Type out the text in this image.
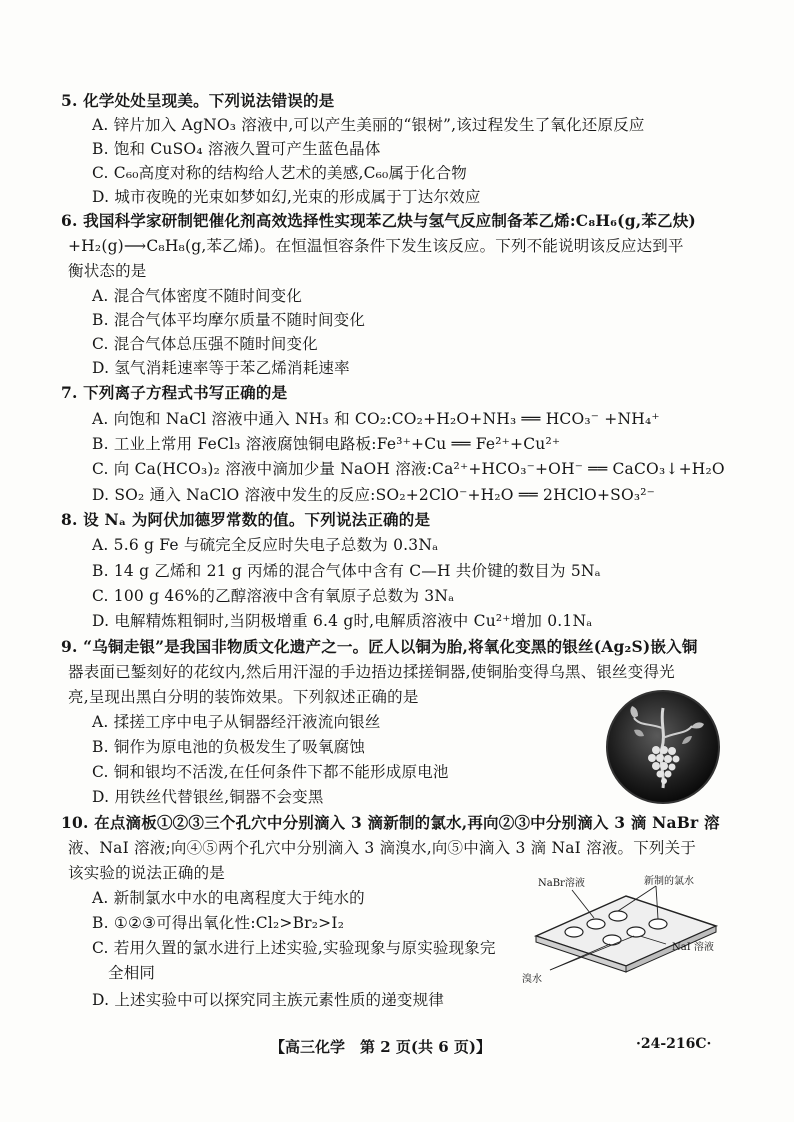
5. 化学处处呈现美。下列说法错误的是
A. 锌片加入 AgNO₃ 溶液中,可以产生美丽的“银树”,该过程发生了氧化还原反应
B. 饱和 CuSO₄ 溶液久置可产生蓝色晶体
C. C₆₀高度对称的结构给人艺术的美感,C₆₀属于化合物
D. 城市夜晚的光束如梦如幻,光束的形成属于丁达尔效应
6. 我国科学家研制钯催化剂高效选择性实现苯乙炔与氢气反应制备苯乙烯:C₈H₆(g,苯乙炔)
+H₂(g)⟶C₈H₈(g,苯乙烯)。在恒温恒容条件下发生该反应。下列不能说明该反应达到平
衡状态的是
A. 混合气体密度不随时间变化
B. 混合气体平均摩尔质量不随时间变化
C. 混合气体总压强不随时间变化
D. 氢气消耗速率等于苯乙烯消耗速率
7. 下列离子方程式书写正确的是
A. 向饱和 NaCl 溶液中通入 NH₃ 和 CO₂:CO₂+H₂O+NH₃ ══ HCO₃⁻ +NH₄⁺
B. 工业上常用 FeCl₃ 溶液腐蚀铜电路板:Fe³⁺+Cu ══ Fe²⁺+Cu²⁺
C. 向 Ca(HCO₃)₂ 溶液中滴加少量 NaOH 溶液:Ca²⁺+HCO₃⁻+OH⁻ ══ CaCO₃↓+H₂O
D. SO₂ 通入 NaClO 溶液中发生的反应:SO₂+2ClO⁻+H₂O ══ 2HClO+SO₃²⁻
8. 设 Nₐ 为阿伏加德罗常数的值。下列说法正确的是
A. 5.6 g Fe 与硫完全反应时失电子总数为 0.3Nₐ
B. 14 g 乙烯和 21 g 丙烯的混合气体中含有 C—H 共价键的数目为 5Nₐ
C. 100 g 46%的乙醇溶液中含有氧原子总数为 3Nₐ
D. 电解精炼粗铜时,当阴极增重 6.4 g时,电解质溶液中 Cu²⁺增加 0.1Nₐ
9. “乌铜走银”是我国非物质文化遗产之一。匠人以铜为胎,将氧化变黑的银丝(Ag₂S)嵌入铜
器表面已錾刻好的花纹内,然后用汗湿的手边捂边揉搓铜器,使铜胎变得乌黑、银丝变得光
亮,呈现出黑白分明的装饰效果。下列叙述正确的是
A. 揉搓工序中电子从铜器经汗液流向银丝
B. 铜作为原电池的负极发生了吸氧腐蚀
C. 铜和银均不活泼,在任何条件下都不能形成原电池
D. 用铁丝代替银丝,铜器不会变黑
10. 在点滴板①②③三个孔穴中分别滴入 3 滴新制的氯水,再向②③中分别滴入 3 滴 NaBr 溶
液、NaI 溶液;向④⑤两个孔穴中分别滴入 3 滴溴水,向⑤中滴入 3 滴 NaI 溶液。下列关于
该实验的说法正确的是
A. 新制氯水中水的电离程度大于纯水的
B. ①②③可得出氧化性:Cl₂>Br₂>I₂
C. 若用久置的氯水进行上述实验,实验现象与原实验现象完
全相同
D. 上述实验中可以探究同主族元素性质的递变规律
NaBr溶液	新制的氯水
NaI 溶液
溴水
【高三化学　第 2 页(共 6 页)】	·24-216C·
